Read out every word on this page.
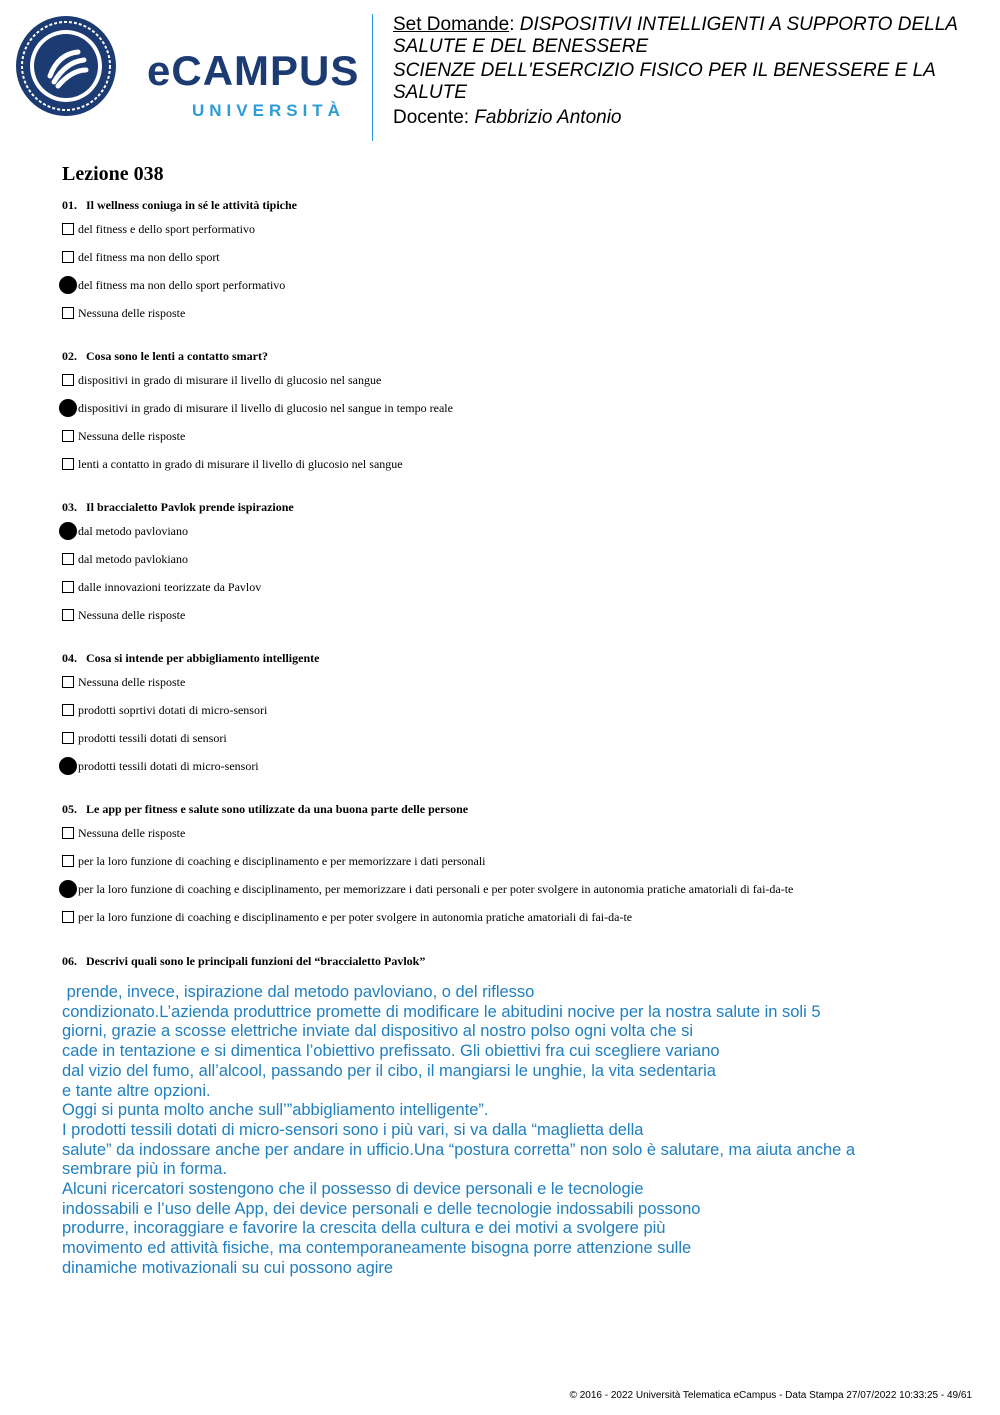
eCAMPUS
UNIVERSITÀ

Set Domande: DISPOSITIVI INTELLIGENTI A SUPPORTO DELLA

SALUTE E DEL BENESSERE

SCIENZE DELL'ESERCIZIO FISICO PER IL BENESSERE E LA

SALUTE

Docente: Fabbrizio Antonio

Lezione 038
01. Il wellness coniuga in sé le attività tipiche
del fitness e dello sport performativo
del fitness ma non dello sport
del fitness ma non dello sport performativo
Nessuna delle risposte
02. Cosa sono le lenti a contatto smart?
dispositivi in grado di misurare il livello di glucosio nel sangue
dispositivi in grado di misurare il livello di glucosio nel sangue in tempo reale
Nessuna delle risposte
lenti a contatto in grado di misurare il livello di glucosio nel sangue
03. Il braccialetto Pavlok prende ispirazione
dal metodo pavloviano
dal metodo pavlokiano
dalle innovazioni teorizzate da Pavlov
Nessuna delle risposte
04. Cosa si intende per abbigliamento intelligente
Nessuna delle risposte
prodotti soprtivi dotati di micro-sensori
prodotti tessili dotati di sensori
prodotti tessili dotati di micro-sensori
05. Le app per fitness e salute sono utilizzate da una buona parte delle persone
Nessuna delle risposte
per la loro funzione di coaching e disciplinamento e per memorizzare i dati personali
per la loro funzione di coaching e disciplinamento, per memorizzare i dati personali e per poter svolgere in autonomia pratiche amatoriali di fai-da-te
per la loro funzione di coaching e disciplinamento e per poter svolgere in autonomia pratiche amatoriali di fai-da-te
06. Descrivi quali sono le principali funzioni del “braccialetto Pavlok”
prende, invece, ispirazione dal metodo pavloviano, o del riflesso
condizionato.L’azienda produttrice promette di modificare le abitudini nocive per la nostra salute in soli 5
giorni, grazie a scosse elettriche inviate dal dispositivo al nostro polso ogni volta che si
cade in tentazione e si dimentica l’obiettivo prefissato. Gli obiettivi fra cui scegliere variano
dal vizio del fumo, all’alcool, passando per il cibo, il mangiarsi le unghie, la vita sedentaria
e tante altre opzioni.
Oggi si punta molto anche sull’”abbigliamento intelligente”.
I prodotti tessili dotati di micro-sensori sono i più vari, si va dalla “maglietta della
salute” da indossare anche per andare in ufficio.Una “postura corretta” non solo è salutare, ma aiuta anche a
sembrare più in forma.
Alcuni ricercatori sostengono che il possesso di device personali e le tecnologie
indossabili e l’uso delle App, dei device personali e delle tecnologie indossabili possono
produrre, incoraggiare e favorire la crescita della cultura e dei motivi a svolgere più
movimento ed attività fisiche, ma contemporaneamente bisogna porre attenzione sulle
dinamiche motivazionali su cui possono agire
© 2016 - 2022 Università Telematica eCampus - Data Stampa 27/07/2022 10:33:25 - 49/61
